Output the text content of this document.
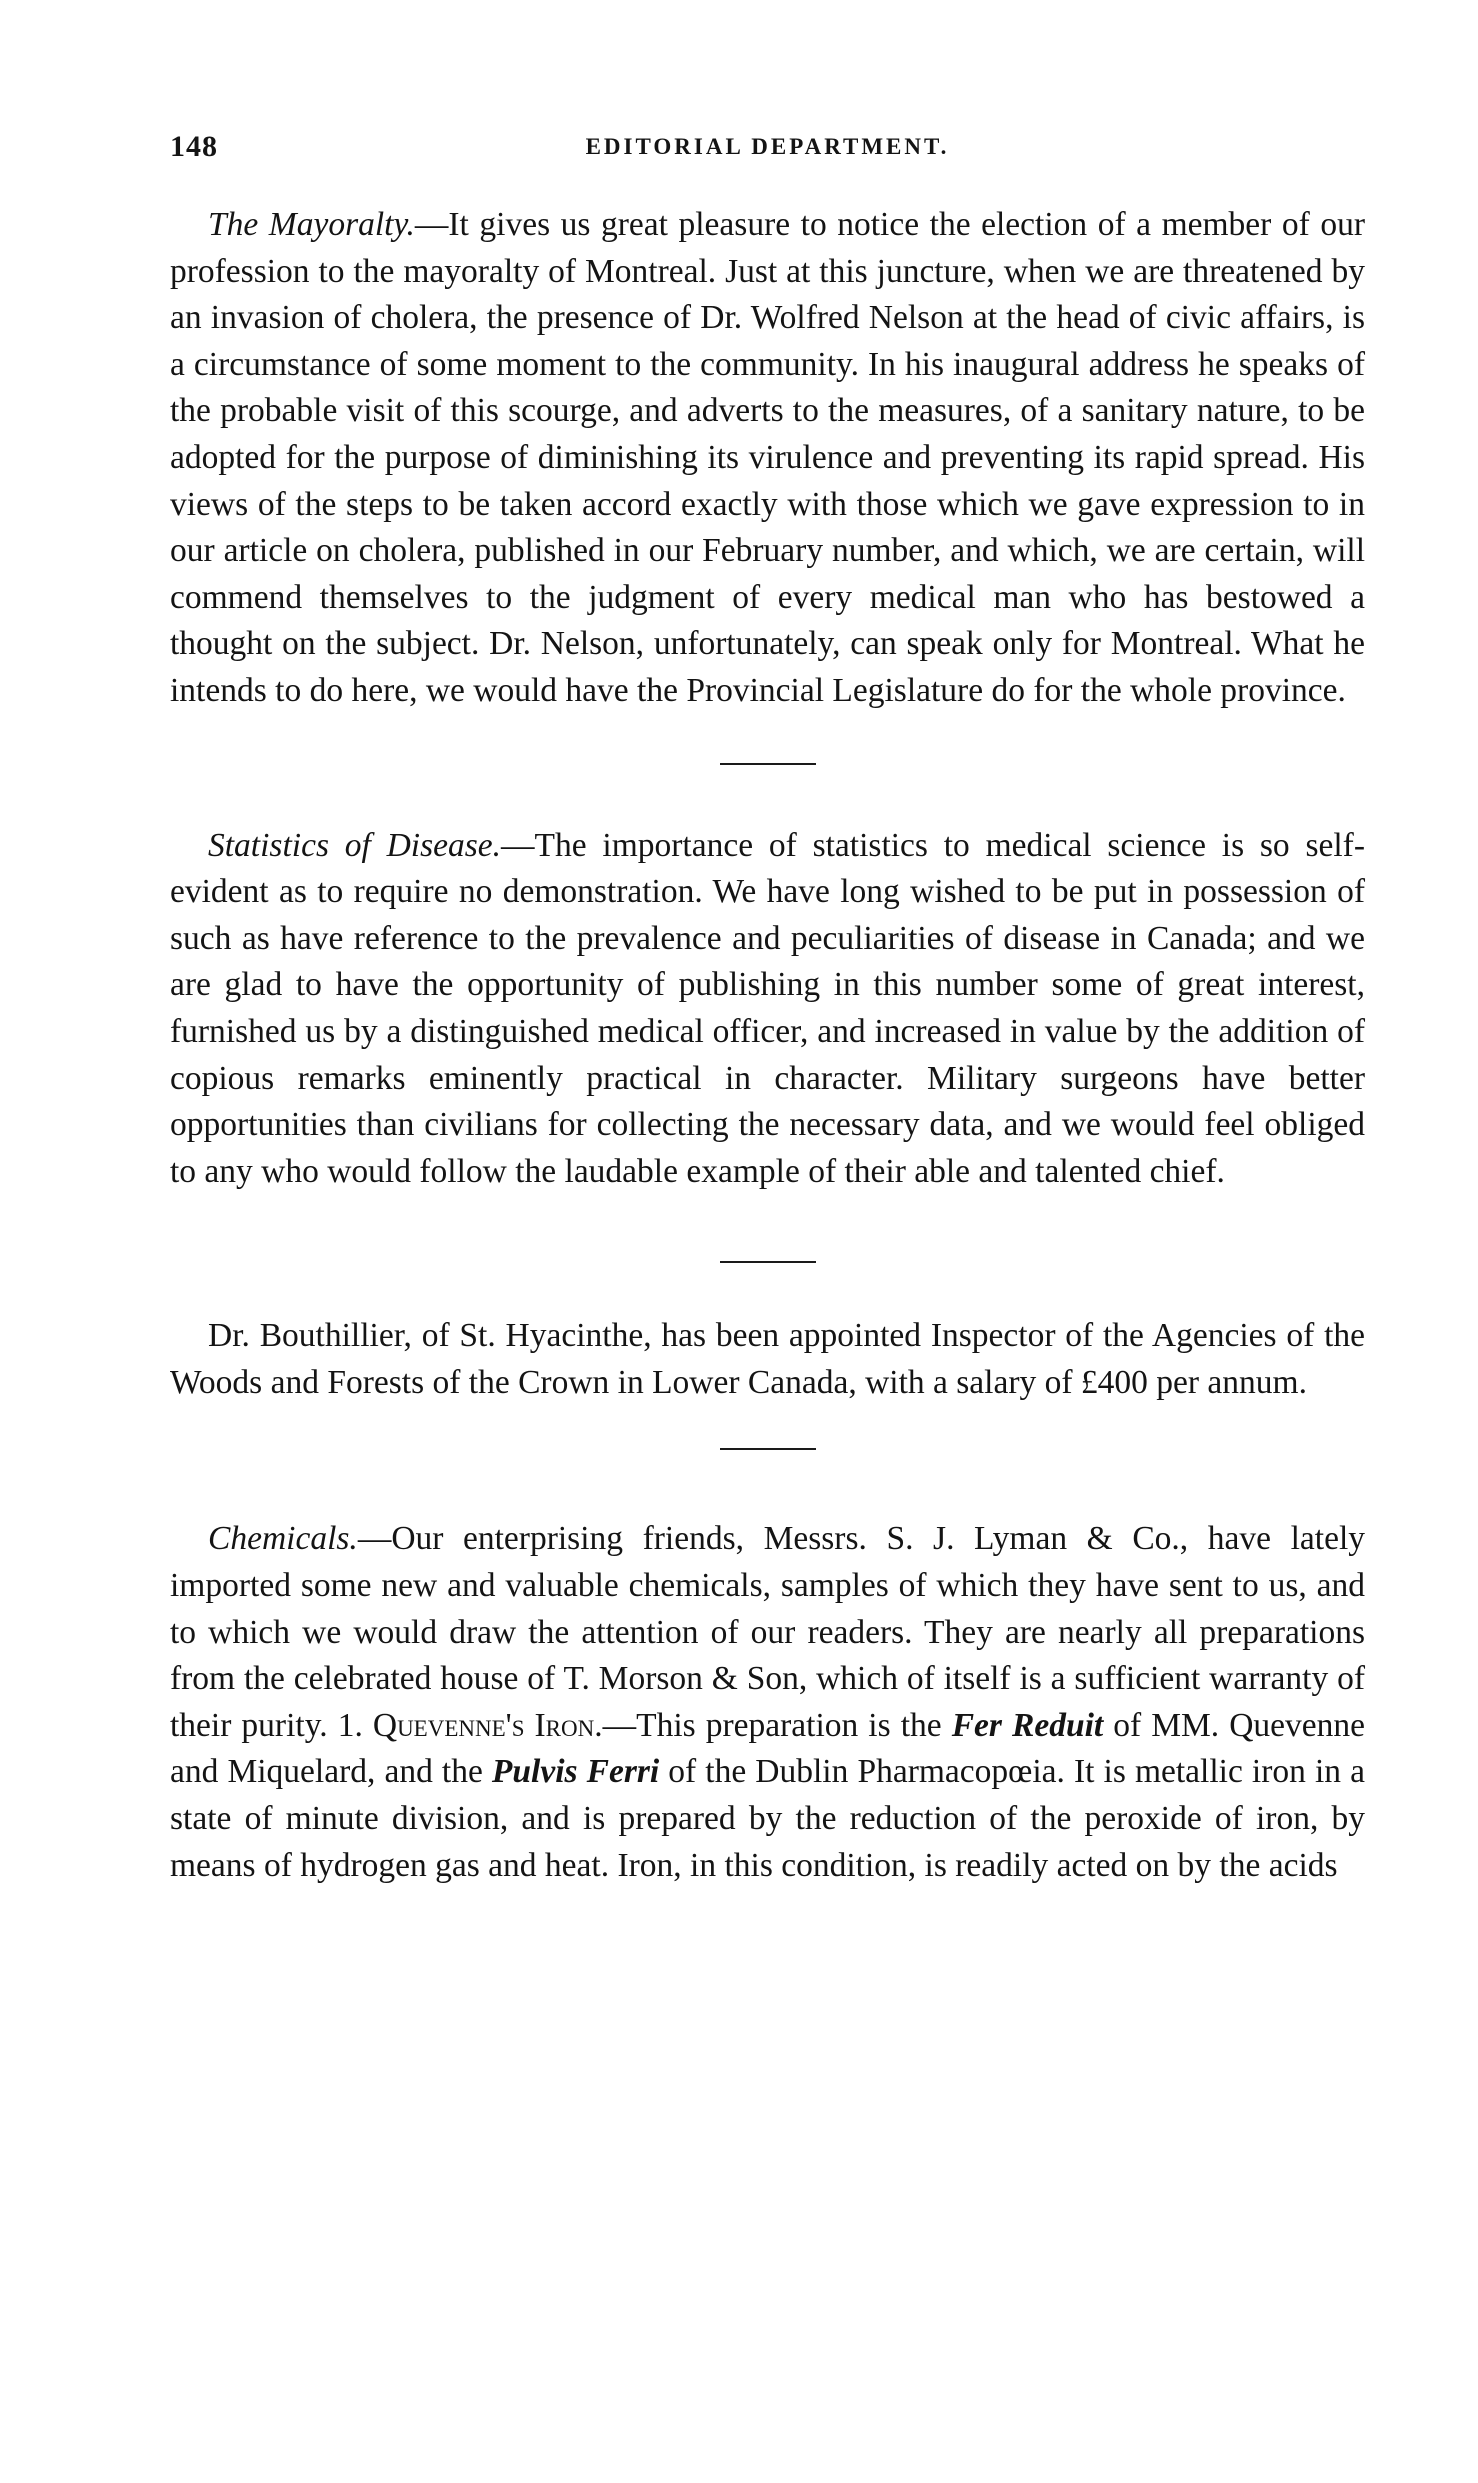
148	EDITORIAL DEPARTMENT.

The Mayoralty.—It gives us great pleasure to notice the election of a member of our profession to the mayoralty of Montreal. Just at this juncture, when we are threatened by an invasion of cholera, the presence of Dr. Wolfred Nelson at the head of civic affairs, is a circumstance of some moment to the community. In his inaugural address he speaks of the probable visit of this scourge, and adverts to the measures, of a sanitary nature, to be adopted for the purpose of diminishing its virulence and preventing its rapid spread. His views of the steps to be taken accord exactly with those which we gave expression to in our article on cholera, published in our February number, and which, we are certain, will commend themselves to the judgment of every medical man who has bestowed a thought on the subject. Dr. Nelson, unfortunately, can speak only for Montreal. What he intends to do here, we would have the Provincial Legislature do for the whole province.

Statistics of Disease.—The importance of statistics to medical science is so self-evident as to require no demonstration. We have long wished to be put in possession of such as have reference to the prevalence and peculiarities of disease in Canada; and we are glad to have the opportunity of publishing in this number some of great interest, furnished us by a distinguished medical officer, and increased in value by the addition of copious remarks eminently practical in character. Military surgeons have better opportunities than civilians for collecting the necessary data, and we would feel obliged to any who would follow the laudable example of their able and talented chief.

Dr. Bouthillier, of St. Hyacinthe, has been appointed Inspector of the Agencies of the Woods and Forests of the Crown in Lower Canada, with a salary of £400 per annum.

Chemicals.—Our enterprising friends, Messrs. S. J. Lyman & Co., have lately imported some new and valuable chemicals, samples of which they have sent to us, and to which we would draw the attention of our readers. They are nearly all preparations from the celebrated house of T. Morson & Son, which of itself is a sufficient warranty of their purity. 1. Quevenne's Iron.—This preparation is the Fer Reduit of MM. Quevenne and Miquelard, and the Pulvis Ferri of the Dublin Pharmacopœia. It is metallic iron in a state of minute division, and is prepared by the reduction of the peroxide of iron, by means of hydrogen gas and heat. Iron, in this condition, is readily acted on by the acids
